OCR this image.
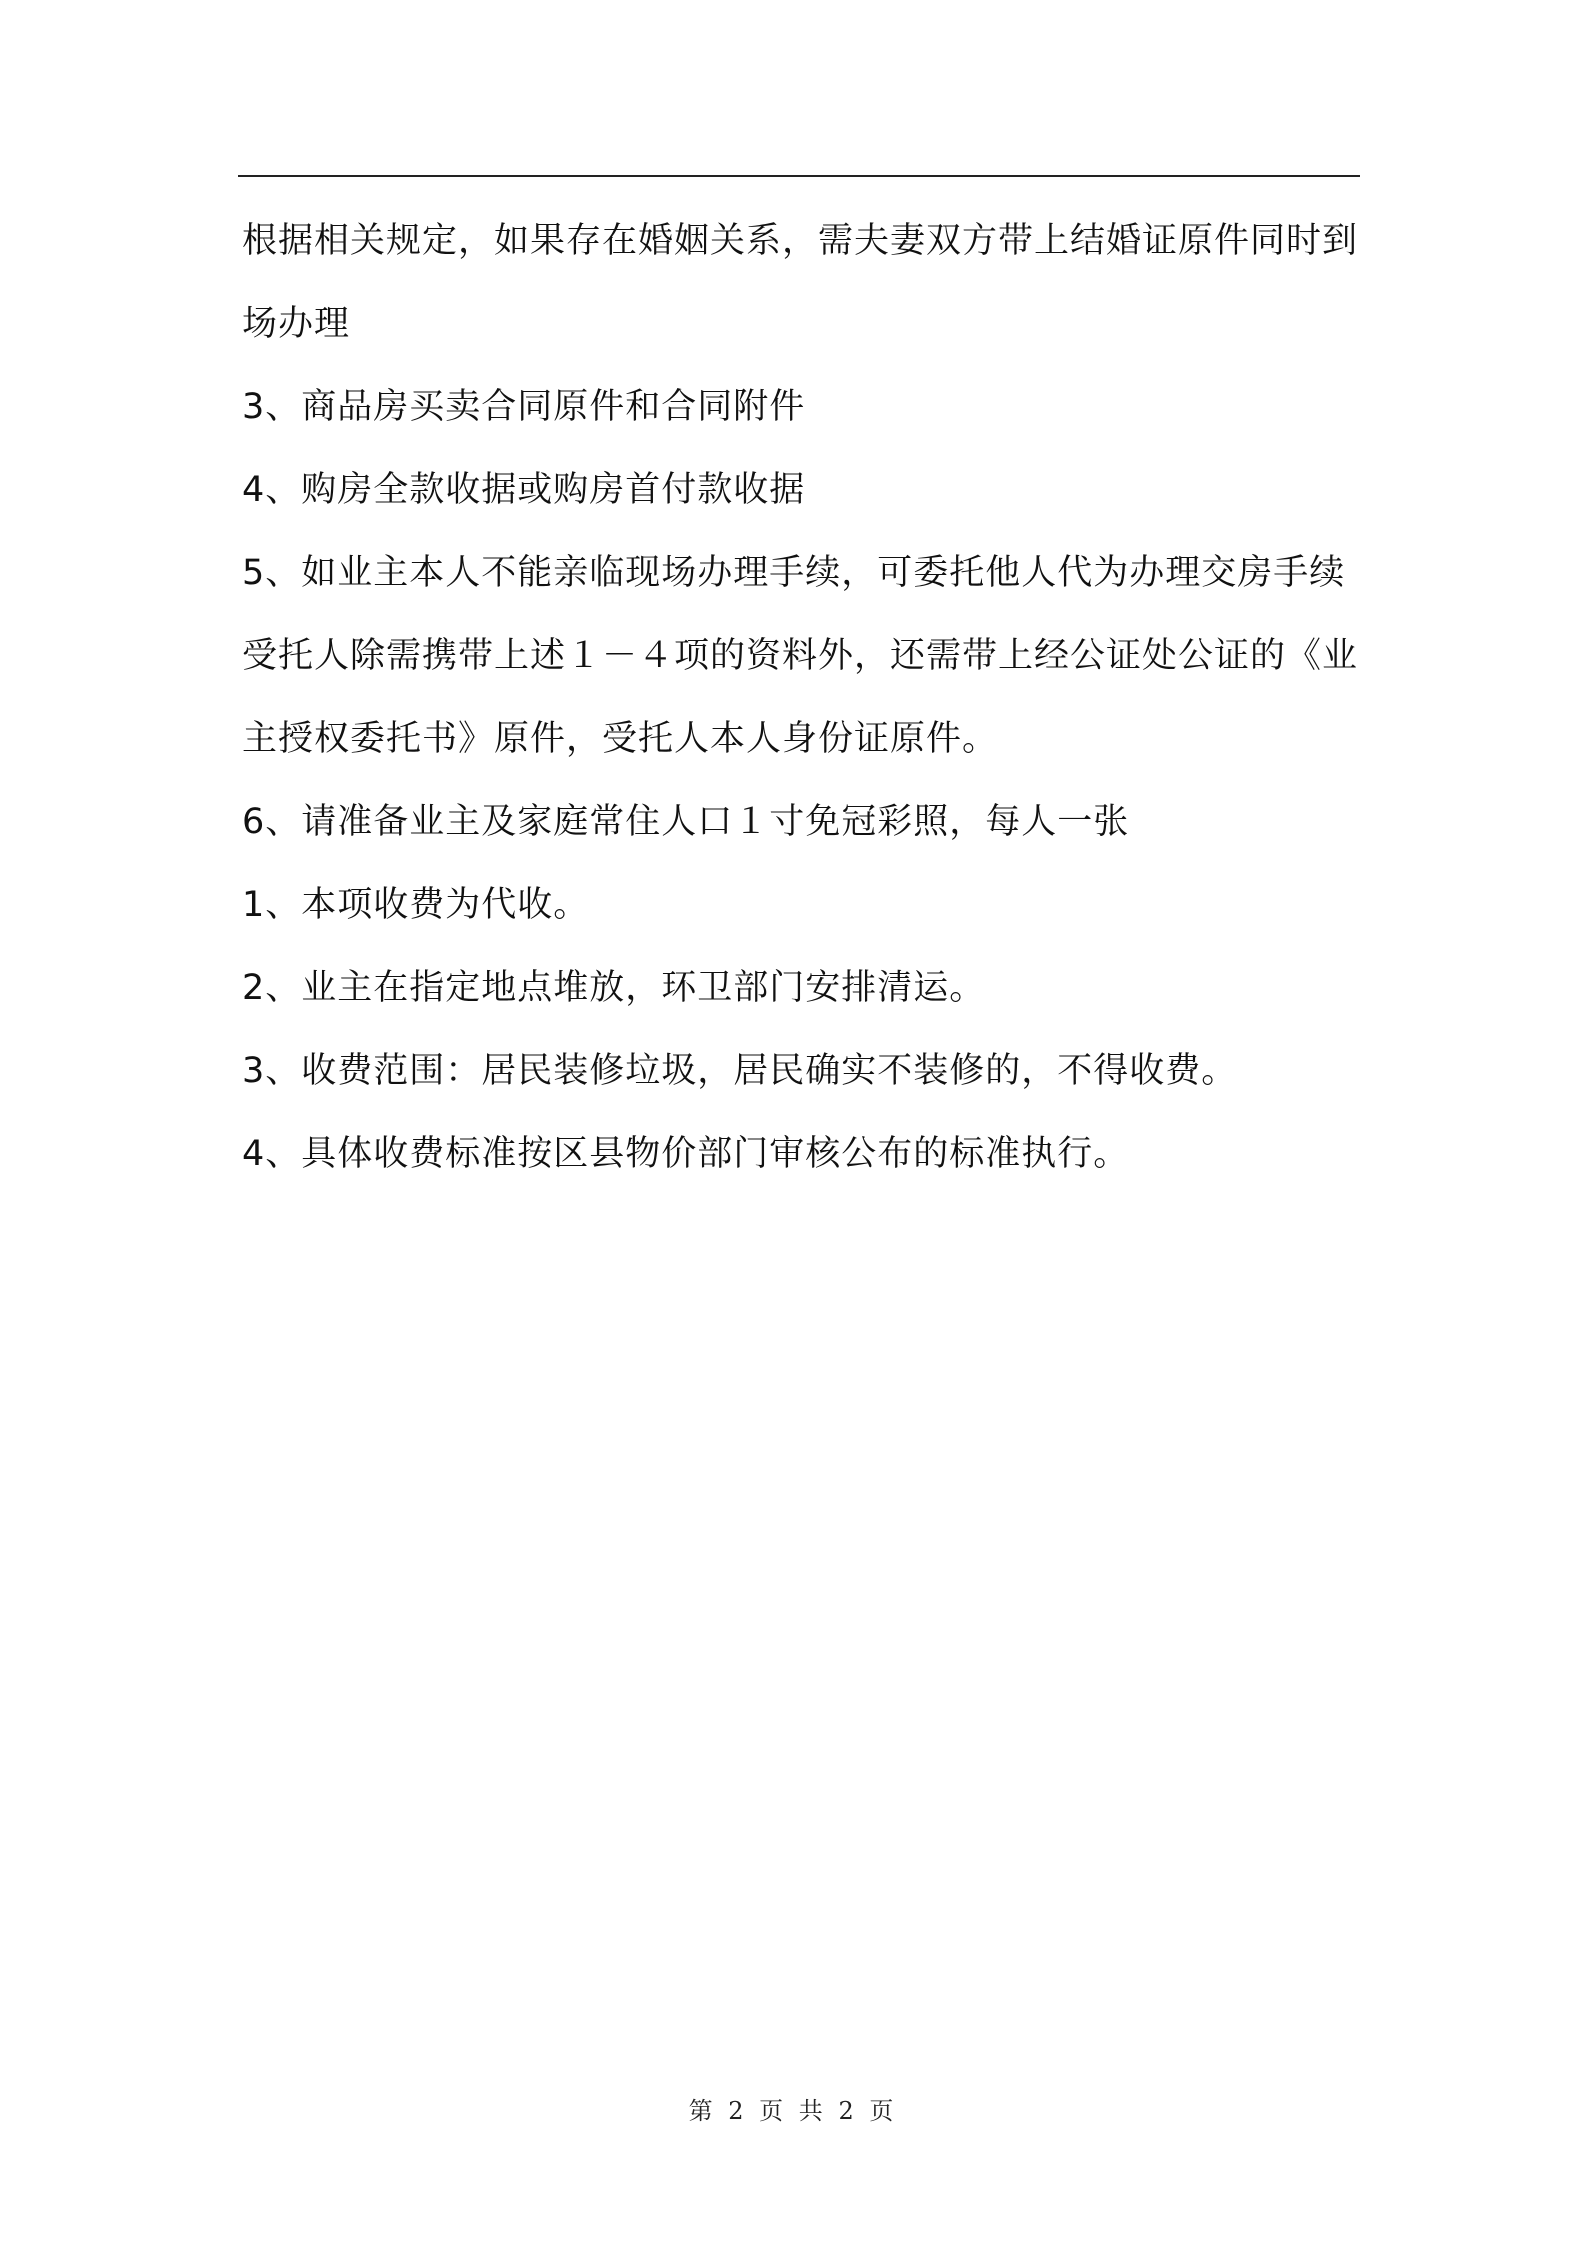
根据相关规定，如果存在婚姻关系，需夫妻双方带上结婚证原件同时到场办理

3、商品房买卖合同原件和合同附件

4、购房全款收据或购房首付款收据

5、如业主本人不能亲临现场办理手续，可委托他人代为办理交房手续

受托人除需携带上述１－４项的资料外，还需带上经公证处公证的《业主授权委托书》原件，受托人本人身份证原件。

6、请准备业主及家庭常住人口１寸免冠彩照，每人一张

1、本项收费为代收。

2、业主在指定地点堆放，环卫部门安排清运。

3、收费范围：居民装修垃圾，居民确实不装修的，不得收费。

4、具体收费标准按区县物价部门审核公布的标准执行。

第 2 页 共 2 页
